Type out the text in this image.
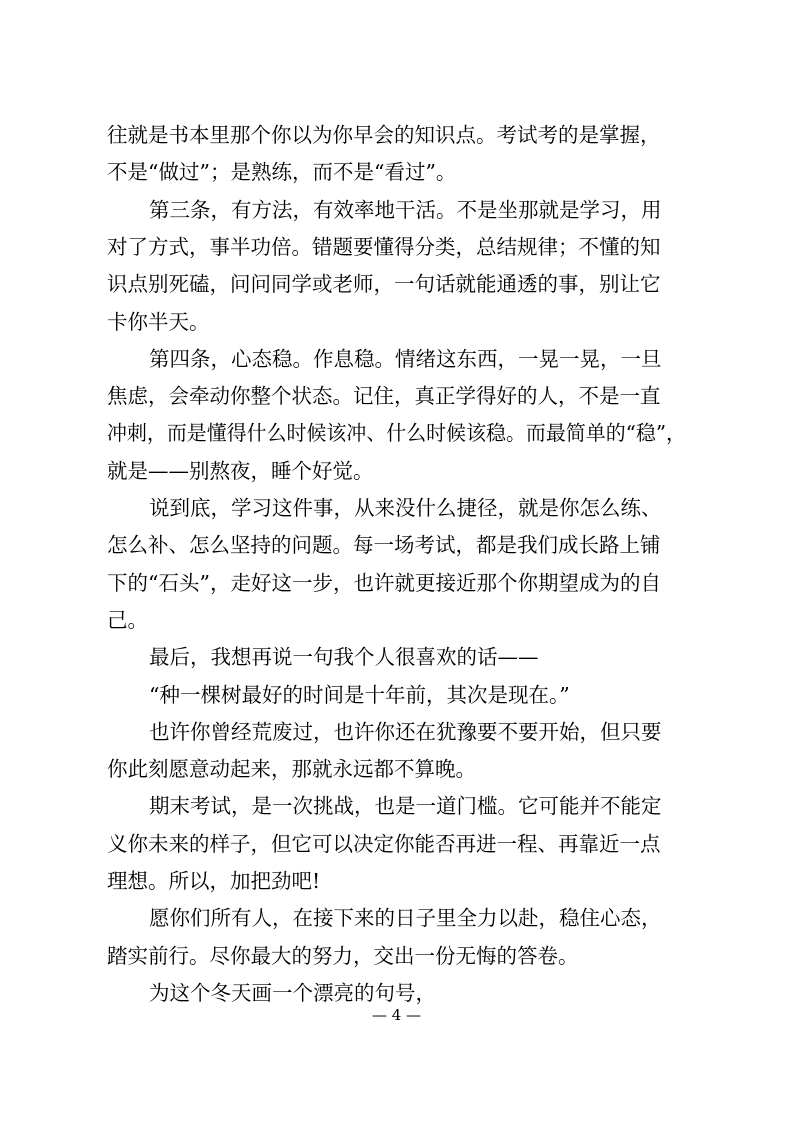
往就是书本里那个你以为你早会的知识点。考试考的是掌握，
不是“做过”；是熟练，而不是“看过”。
第三条，有方法，有效率地干活。不是坐那就是学习，用
对了方式，事半功倍。错题要懂得分类，总结规律；不懂的知
识点别死磕，问问同学或老师，一句话就能通透的事，别让它
卡你半天。
第四条，心态稳。作息稳。情绪这东西，一晃一晃，一旦
焦虑，会牵动你整个状态。记住，真正学得好的人，不是一直
冲刺，而是懂得什么时候该冲、什么时候该稳。而最简单的“稳”，
就是——别熬夜，睡个好觉。
说到底，学习这件事，从来没什么捷径，就是你怎么练、
怎么补、怎么坚持的问题。每一场考试，都是我们成长路上铺
下的“石头”，走好这一步，也许就更接近那个你期望成为的自
己。
最后，我想再说一句我个人很喜欢的话——
“种一棵树最好的时间是十年前，其次是现在。”
也许你曾经荒废过，也许你还在犹豫要不要开始，但只要
你此刻愿意动起来，那就永远都不算晚。
期末考试，是一次挑战，也是一道门槛。它可能并不能定
义你未来的样子，但它可以决定你能否再进一程、再靠近一点
理想。所以，加把劲吧!
愿你们所有人，在接下来的日子里全力以赴，稳住心态，
踏实前行。尽你最大的努力，交出一份无悔的答卷。
为这个冬天画一个漂亮的句号，
— 4 —
